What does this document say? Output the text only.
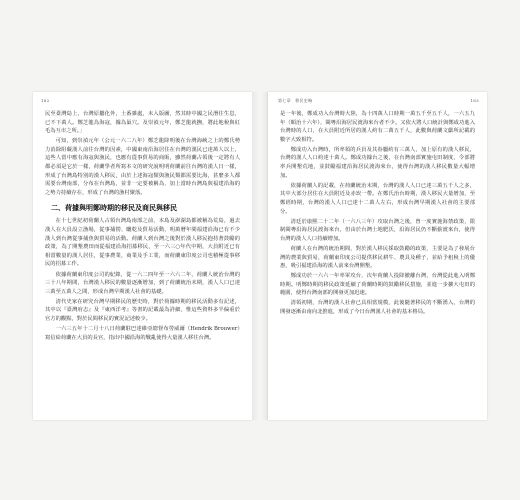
182

民至臺灣島上，台灣原屬化外，土番雜處，未入版圖，然其時中國之民潛往生息，已不下萬人。鄭芝龍為海寇，據為巢穴。及崇禎元年，鄭芝龍就撫，將此地稅與紅毛為互市之所。」

可知，到崇禎元年（公元一六二八年）鄭芝龍降明後在台灣海峽之上的鄭氏勢力消除阻礙漢人前往台灣的因素，中國東南沿海居住在台灣的漢民已達萬人以上，這些人當中應有海寇與漁民，也應有從事貿易的商販，雖然荷蘭占領後一定將有人都必須是它於一樣，荷蘭學者所寫本文的研究說明明荷蘭前往台灣的漢人日一樣，形成了台灣島特別的漢人移民，由於上述海寇類與漁民類都需要比海，甚麼多人都需要台灣南部，分布在台灣島，並非一定要被稱為，加上當時台灣島與福建沿海的之勢力持續存在，形成了台灣的漁村聚落。

二、荷據與明鄭時期的移民及商民與移民

在十七世紀初荷蘭人占領台灣島南部之前，本島及澎湖島都被稱為荒島，過去漢人在大員設立漁場，從事捕撈、曬乾及貿易活動，明萬曆年間福建沿海已有不少漢人到台灣從事捕魚與貿易的活動。荷蘭人到台灣之後對於漢人移民抱持著鼓勵的政策，為了開墾農田而從福建沿海招募移民，至一六三○年代中期，大員附近已有相當數量的漢人居住，從事農業、商業及手工業，而荷蘭東印度公司也積極從事移民的招募工作。

依據荷蘭東印度公司的紀錄，從一六二四年至一六六二年，荷蘭人統治台灣的三十八年期間，台灣漢人移民的數量逐漸增加，到了荷蘭統治末期，漢人人口已達三萬至五萬人之間，形成台灣早期漢人社會的基礎。

清代史家在研究台灣早期移民的歷史時，對於荷據時期的移民活動多有記述，其中以『臺灣府志』及『東西洋考』等書的記載最為詳細，惟這些資料多半偏重於官方的觀點，對於民間移民的實況記述較少。

一六三五年十二月十八日荷蘭駐巴達維亞總督布勞威爾（Hendrik Brouwer）寫信給荷蘭在大員的長官，指出中國沿海的戰亂使得大量漢人移往台灣。

第七章　移民史略	183

是一年後，鄭成功入台灣時大陸，為十四萬人口時期一萬五千至五千人，一六五九年（順治十六年），閩粵沿海居民渡海來台者不少。又依大將人口統計與鄭成功進入台灣時的人口，在大員附近所居的漢人約有二萬五千人，此數與荷蘭文獻所記載的數字大致相符。

鄭成功入台灣時，所率領的兵員及其眷屬約有三萬人，加上原有的漢人移民，台灣的漢人人口約達十萬人。鄭成功據台之後，在台灣南部實施屯田制度，令部將率兵開墾荒地，並鼓勵福建沿海居民渡海來台，使得台灣的漢人移民數量大幅增加。

依據荷蘭人的記載，在荷蘭統治末期，台灣的漢人人口已達三萬五千人之多，其中大部分居住在大員附近及赤崁一帶。在鄭氏治台時期，漢人移民大量增加，至鄭經時期，台灣的漢人人口已達十二萬人左右，形成台灣早期漢人社會的主要部分。

清廷於康熙二十二年（一六八三年）攻取台灣之後，曾一度實施海禁政策，限制閩粵沿海居民渡海來台，但由於台灣土地肥沃，沿海居民仍不斷偷渡來台，使得台灣的漢人人口持續增加。

荷蘭人在台灣的統治期間，對於漢人移民採取鼓勵的政策，主要是為了發展台灣的農業與貿易，荷蘭東印度公司提供移民耕牛、農具及種子，並給予租稅上的優惠，吸引福建沿海的漢人前來台灣開墾。

鄭成功於一六六一年率軍攻台，次年荷蘭人投降撤離台灣，台灣從此進入明鄭時期。明鄭時期的移民政策延續了荷蘭時期的鼓勵移民措施，並進一步擴大屯田的範圍，使得台灣南部的開發更加迅速。

清領初期，台灣的漢人社會已具相當規模，此後隨著移民的不斷湧入，台灣的開發逐漸由南向北推進，形成了今日台灣漢人社會的基本格局。
